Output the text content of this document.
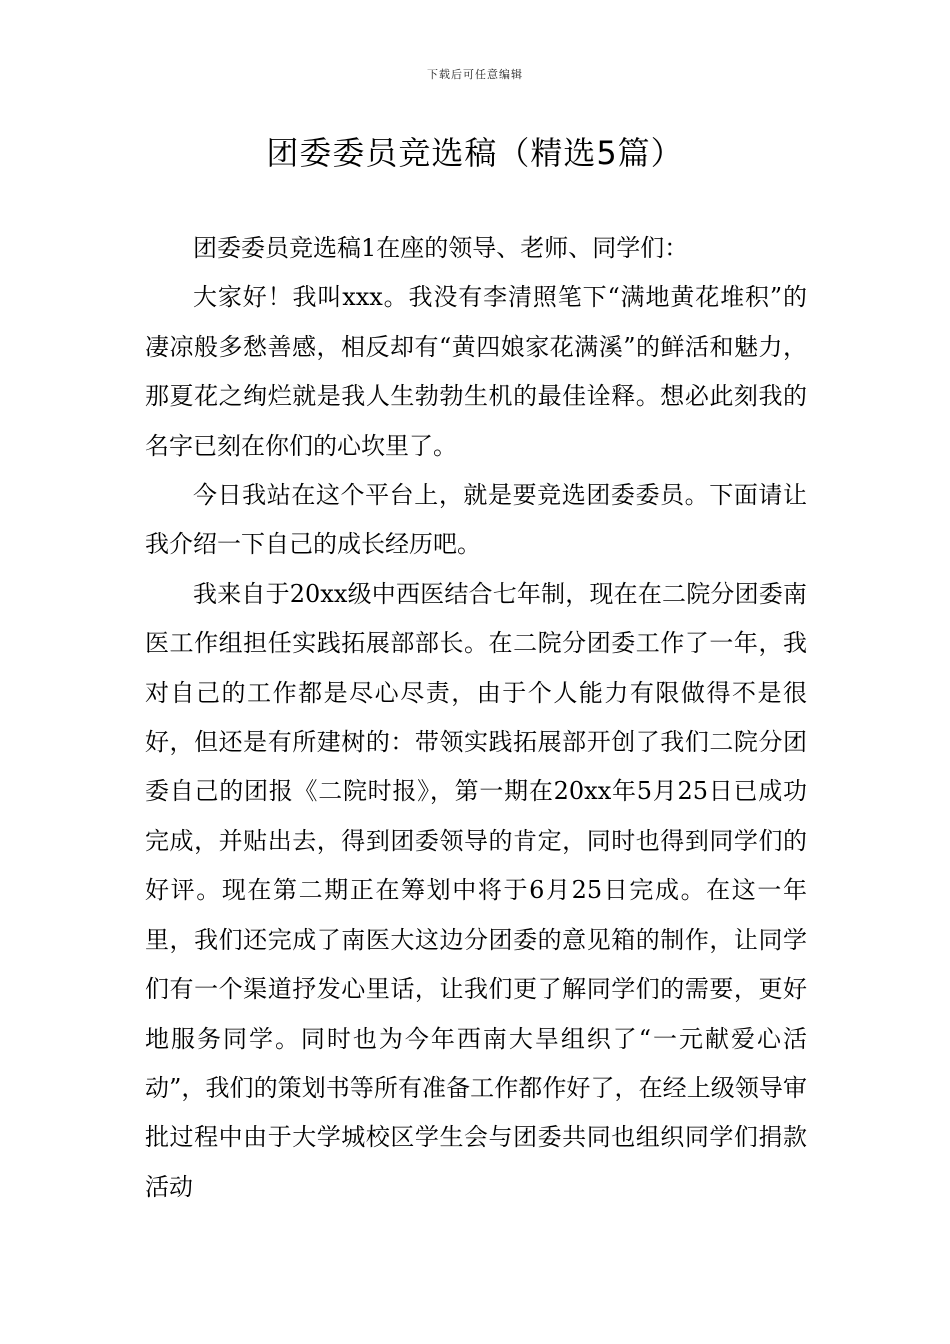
下载后可任意编辑
团委委员竞选稿（精选5篇）

团委委员竞选稿1在座的领导、老师、同学们：

大家好！我叫xxx。我没有李清照笔下“满地黄花堆积”的凄凉般多愁善感，相反却有“黄四娘家花满溪”的鲜活和魅力，那夏花之绚烂就是我人生勃勃生机的最佳诠释。想必此刻我的名字已刻在你们的心坎里了。

今日我站在这个平台上，就是要竞选团委委员。下面请让我介绍一下自己的成长经历吧。

我来自于20xx级中西医结合七年制，现在在二院分团委南医工作组担任实践拓展部部长。在二院分团委工作了一年，我对自己的工作都是尽心尽责，由于个人能力有限做得不是很好，但还是有所建树的：带领实践拓展部开创了我们二院分团委自己的团报《二院时报》，第一期在20xx年5月25日已成功完成，并贴出去，得到团委领导的肯定，同时也得到同学们的好评。现在第二期正在筹划中将于6月25日完成。在这一年里，我们还完成了南医大这边分团委的意见箱的制作，让同学们有一个渠道抒发心里话，让我们更了解同学们的需要，更好地服务同学。同时也为今年西南大旱组织了“一元献爱心活动”，我们的策划书等所有准备工作都作好了，在经上级领导审批过程中由于大学城校区学生会与团委共同也组织同学们捐款活动
